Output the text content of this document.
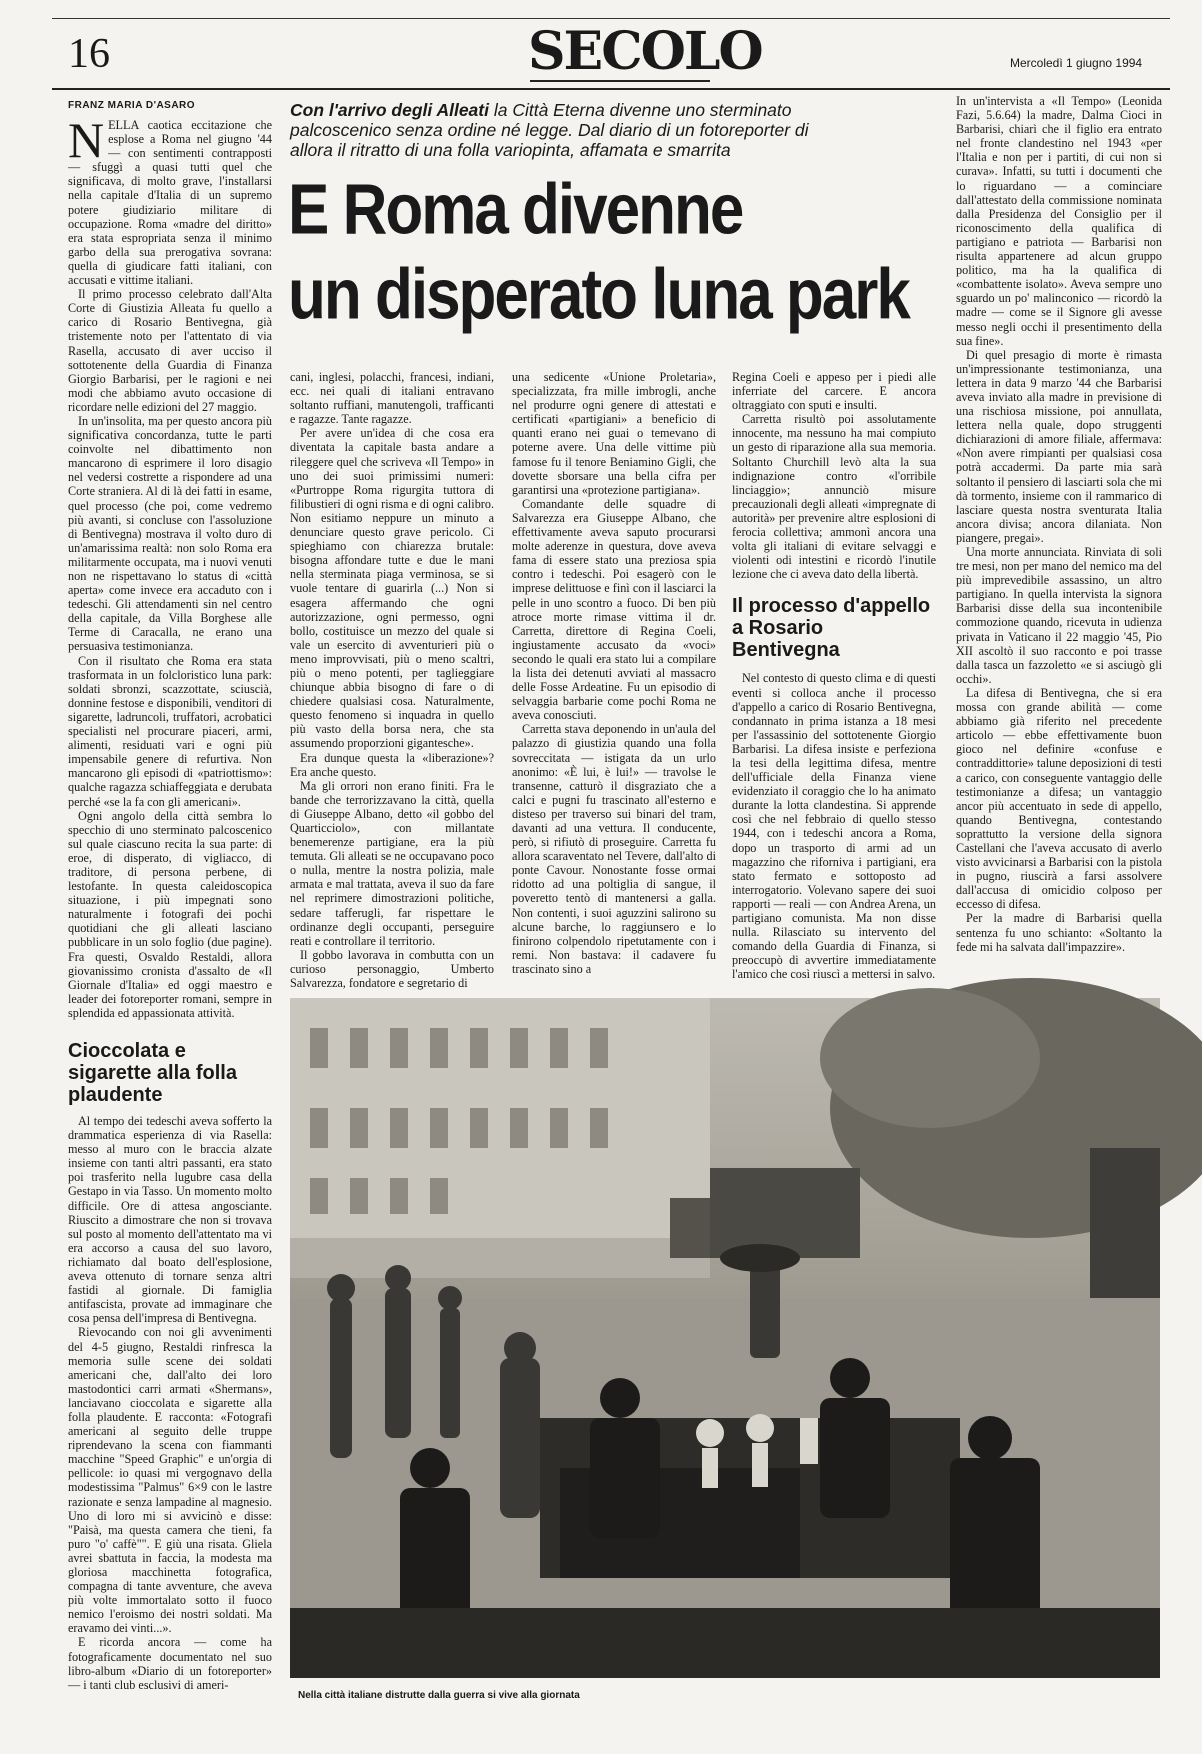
16	SECOLO	Mercoledì 1 giugno 1994
FRANZ MARIA D'ASARO

NELLA caotica eccitazione che esplose a Roma nel giugno '44 — con sentimenti contrapposti — sfuggì a quasi tutti quel che significava, di molto grave, l'installarsi nella capitale d'Italia di un supremo potere giudiziario militare di occupazione. Roma «madre del diritto» era stata espropriata senza il minimo garbo della sua prerogativa sovrana: quella di giudicare fatti italiani, con accusati e vittime italiani.

Il primo processo celebrato dall'Alta Corte di Giustizia Alleata fu quello a carico di Rosario Bentivegna, già tristemente noto per l'attentato di via Rasella, accusato di aver ucciso il sottotenente della Guardia di Finanza Giorgio Barbarisi, per le ragioni e nei modi che abbiamo avuto occasione di ricordare nelle edizioni del 27 maggio.

In un'insolita, ma per questo ancora più significativa concordanza, tutte le parti coinvolte nel dibattimento non mancarono di esprimere il loro disagio nel vedersi costrette a rispondere ad una Corte straniera. Al di là dei fatti in esame, quel processo (che poi, come vedremo più avanti, si concluse con l'assoluzione di Bentivegna) mostrava il volto duro di un'amarissima realtà: non solo Roma era militarmente occupata, ma i nuovi venuti non ne rispettavano lo status di «città aperta» come invece era accaduto con i tedeschi. Gli attendamenti sin nel centro della capitale, da Villa Borghese alle Terme di Caracalla, ne erano una persuasiva testimonianza.

Con il risultato che Roma era stata trasformata in un folcloristico luna park: soldati sbronzi, scazzottate, sciuscià, donnine festose e disponibili, venditori di sigarette, ladruncoli, truffatori, acrobatici specialisti nel procurare piaceri, armi, alimenti, residuati vari e ogni più impensabile genere di refurtiva. Non mancarono gli episodi di «patriottismo»: qualche ragazza schiaffeggiata e derubata perché «se la fa con gli americani».

Ogni angolo della città sembra lo specchio di uno sterminato palcoscenico sul quale ciascuno recita la sua parte: di eroe, di disperato, di vigliacco, di traditore, di persona perbene, di lestofante. In questa caleidoscopica situazione, i più impegnati sono naturalmente i fotografi dei pochi quotidiani che gli alleati lasciano pubblicare in un solo foglio (due pagine). Fra questi, Osvaldo Restaldi, allora giovanissimo cronista d'assalto de «Il Giornale d'Italia» ed oggi maestro e leader dei fotoreporter romani, sempre in splendida ed appassionata attività.

Cioccolata e sigarette alla folla plaudente

Al tempo dei tedeschi aveva sofferto la drammatica esperienza di via Rasella: messo al muro con le braccia alzate insieme con tanti altri passanti, era stato poi trasferito nella lugubre casa della Gestapo in via Tasso. Un momento molto difficile. Ore di attesa angosciante. Riuscito a dimostrare che non si trovava sul posto al momento dell'attentato ma vi era accorso a causa del suo lavoro, richiamato dal boato dell'esplosione, aveva ottenuto di tornare senza altri fastidi al giornale. Di famiglia antifascista, provate ad immaginare che cosa pensa dell'impresa di Bentivegna.

Rievocando con noi gli avvenimenti del 4-5 giugno, Restaldi rinfresca la memoria sulle scene dei soldati americani che, dall'alto dei loro mastodontici carri armati «Shermans», lanciavano cioccolata e sigarette alla folla plaudente. E racconta: «Fotografi americani al seguito delle truppe riprendevano la scena con fiammanti macchine "Speed Graphic" e un'orgia di pellicole: io quasi mi vergognavo della modestissima "Palmus" 6×9 con le lastre razionate e senza lampadine al magnesio. Uno di loro mi si avvicinò e disse: "Paisà, ma questa camera che tieni, fa puro "o' caffè"". E giù una risata. Gliela avrei sbattuta in faccia, la modesta ma gloriosa macchinetta fotografica, compagna di tante avventure, che aveva più volte immortalato sotto il fuoco nemico l'eroismo dei nostri soldati. Ma eravamo dei vinti...».

E ricorda ancora — come ha fotograficamente documentato nel suo libro-album «Diario di un fotoreporter» — i tanti club esclusivi di ameri-

Con l'arrivo degli Alleati la Città Eterna divenne uno sterminato palcoscenico senza ordine né legge. Dal diario di un fotoreporter di allora il ritratto di una folla variopinta, affamata e smarrita
E Roma divenne
un disperato luna park

cani, inglesi, polacchi, francesi, indiani, ecc. nei quali di italiani entravano soltanto ruffiani, manutengoli, trafficanti e ragazze. Tante ragazze.

Per avere un'idea di che cosa era diventata la capitale basta andare a rileggere quel che scriveva «Il Tempo» in uno dei suoi primissimi numeri: «Purtroppe Roma rigurgita tuttora di filibustieri di ogni risma e di ogni calibro. Non esitiamo neppure un minuto a denunciare questo grave pericolo. Ci spieghiamo con chiarezza brutale: bisogna affondare tutte e due le mani nella sterminata piaga verminosa, se si vuole tentare di guarirla (...) Non si esagera affermando che ogni autorizzazione, ogni permesso, ogni bollo, costituisce un mezzo del quale si vale un esercito di avventurieri più o meno improvvisati, più o meno scaltri, più o meno potenti, per taglieggiare chiunque abbia bisogno di fare o di chiedere qualsiasi cosa. Naturalmente, questo fenomeno si inquadra in quello più vasto della borsa nera, che sta assumendo proporzioni gigantesche».

Era dunque questa la «liberazione»? Era anche questo.

Ma gli orrori non erano finiti. Fra le bande che terrorizzavano la città, quella di Giuseppe Albano, detto «il gobbo del Quarticciolo», con millantate benemerenze partigiane, era la più temuta. Gli alleati se ne occupavano poco o nulla, mentre la nostra polizia, male armata e mal trattata, aveva il suo da fare nel reprimere dimostrazioni politiche, sedare tafferugli, far rispettare le ordinanze degli occupanti, perseguire reati e controllare il territorio.

Il gobbo lavorava in combutta con un curioso personaggio, Umberto Salvarezza, fondatore e segretario di

una sedicente «Unione Proletaria», specializzata, fra mille imbrogli, anche nel produrre ogni genere di attestati e certificati «partigiani» a beneficio di quanti erano nei guai o temevano di poterne avere. Una delle vittime più famose fu il tenore Beniamino Gigli, che dovette sborsare una bella cifra per garantirsi una «protezione partigiana».

Comandante delle squadre di Salvarezza era Giuseppe Albano, che effettivamente aveva saputo procurarsi molte aderenze in questura, dove aveva fama di essere stato una preziosa spia contro i tedeschi. Poi esagerò con le imprese delittuose e finì con il lasciarci la pelle in uno scontro a fuoco. Di ben più atroce morte rimase vittima il dr. Carretta, direttore di Regina Coeli, ingiustamente accusato da «voci» secondo le quali era stato lui a compilare la lista dei detenuti avviati al massacro delle Fosse Ardeatine. Fu un episodio di selvaggia barbarie come pochi Roma ne aveva conosciuti.

Carretta stava deponendo in un'aula del palazzo di giustizia quando una folla sovreccitata — istigata da un urlo anonimo: «È lui, è lui!» — travolse le transenne, catturò il disgraziato che a calci e pugni fu trascinato all'esterno e disteso per traverso sui binari del tram, davanti ad una vettura. Il conducente, però, si rifiutò di proseguire. Carretta fu allora scaraventato nel Tevere, dall'alto di ponte Cavour. Nonostante fosse ormai ridotto ad una poltiglia di sangue, il poveretto tentò di mantenersi a galla. Non contenti, i suoi aguzzini salirono su alcune barche, lo raggiunsero e lo finirono colpendolo ripetutamente con i remi. Non bastava: il cadavere fu trascinato sino a

Regina Coeli e appeso per i piedi alle inferriate del carcere. E ancora oltraggiato con sputi e insulti.

Carretta risultò poi assolutamente innocente, ma nessuno ha mai compiuto un gesto di riparazione alla sua memoria. Soltanto Churchill levò alta la sua indignazione contro «l'orribile linciaggio»; annunciò misure precauzionali degli alleati «impregnate di autorità» per prevenire altre esplosioni di ferocia collettiva; ammonì ancora una volta gli italiani di evitare selvaggi e violenti odi intestini e ricordò l'inutile lezione che ci aveva dato della libertà.

Il processo d'appello a Rosario Bentivegna

Nel contesto di questo clima e di questi eventi si colloca anche il processo d'appello a carico di Rosario Bentivegna, condannato in prima istanza a 18 mesi per l'assassinio del sottotenente Giorgio Barbarisi. La difesa insiste e perfeziona la tesi della legittima difesa, mentre dell'ufficiale della Finanza viene evidenziato il coraggio che lo ha animato durante la lotta clandestina. Si apprende così che nel febbraio di quello stesso 1944, con i tedeschi ancora a Roma, dopo un trasporto di armi ad un magazzino che riforniva i partigiani, era stato fermato e sottoposto ad interrogatorio. Volevano sapere dei suoi rapporti — reali — con Andrea Arena, un partigiano comunista. Ma non disse nulla. Rilasciato su intervento del comando della Guardia di Finanza, si preoccupò di avvertire immediatamente l'amico che così riuscì a mettersi in salvo.

In un'intervista a «Il Tempo» (Leonida Fazi, 5.6.64) la madre, Dalma Cioci in Barbarisi, chiarì che il figlio era entrato nel fronte clandestino nel 1943 «per l'Italia e non per i partiti, di cui non si curava». Infatti, su tutti i documenti che lo riguardano — a cominciare dall'attestato della commissione nominata dalla Presidenza del Consiglio per il riconoscimento della qualifica di partigiano e patriota — Barbarisi non risulta appartenere ad alcun gruppo politico, ma ha la qualifica di «combattente isolato». Aveva sempre uno sguardo un po' malinconico — ricordò la madre — come se il Signore gli avesse messo negli occhi il presentimento della sua fine».

Di quel presagio di morte è rimasta un'impressionante testimonianza, una lettera in data 9 marzo '44 che Barbarisi aveva inviato alla madre in previsione di una rischiosa missione, poi annullata, lettera nella quale, dopo struggenti dichiarazioni di amore filiale, affermava: «Non avere rimpianti per qualsiasi cosa potrà accadermi. Da parte mia sarà soltanto il pensiero di lasciarti sola che mi dà tormento, insieme con il rammarico di lasciare questa nostra sventurata Italia ancora divisa; ancora dilaniata. Non piangere, pregai».

Una morte annunciata. Rinviata di soli tre mesi, non per mano del nemico ma del più imprevedibile assassino, un altro partigiano. In quella intervista la signora Barbarisi disse della sua incontenibile commozione quando, ricevuta in udienza privata in Vaticano il 22 maggio '45, Pio XII ascoltò il suo racconto e poi trasse dalla tasca un fazzoletto «e si asciugò gli occhi».

La difesa di Bentivegna, che si era mossa con grande abilità — come abbiamo già riferito nel precedente articolo — ebbe effettivamente buon gioco nel definire «confuse e contraddittorie» talune deposizioni di testi a carico, con conseguente vantaggio delle testimonianze a difesa; un vantaggio ancor più accentuato in sede di appello, quando Bentivegna, contestando soprattutto la versione della signora Castellani che l'aveva accusato di averlo visto avvicinarsi a Barbarisi con la pistola in pugno, riuscirà a farsi assolvere dall'accusa di omicidio colposo per eccesso di difesa.

Per la madre di Barbarisi quella sentenza fu uno schianto: «Soltanto la fede mi ha salvata dall'impazzire».

Nella città italiane distrutte dalla guerra si vive alla giornata
